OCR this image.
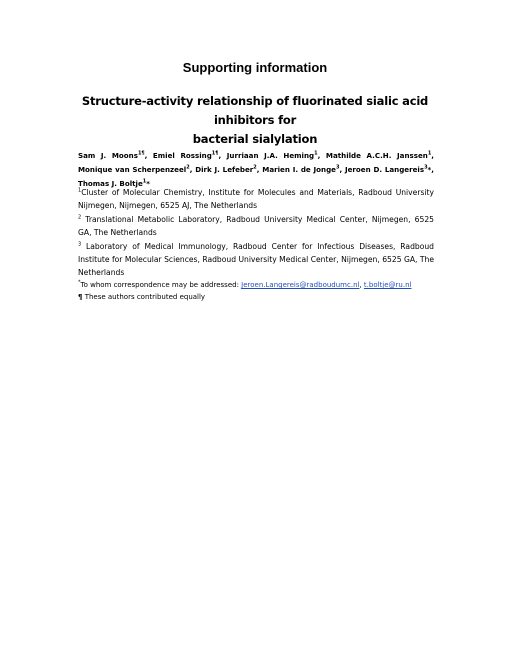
Supporting information
Structure-activity relationship of fluorinated sialic acid inhibitors for
bacterial sialylation
Sam J. Moons$^{1\P}$, Emiel Rossing$^{1\P}$, Jurriaan J.A. Heming$^1$, Mathilde A.C.H. Janssen$^1$, Monique van Scherpenzeel$^2$, Dirk J. Lefeber$^2$, Marien I. de Jonge$^3$, Jeroen D. Langereis$^3$*, Thomas J. Boltje$^1$*
$^1$Cluster of Molecular Chemistry, Institute for Molecules and Materials, Radboud University Nijmegen, Nijmegen, 6525 AJ, The Netherlands
$^2$ Translational Metabolic Laboratory, Radboud University Medical Center, Nijmegen, 6525 GA, The Netherlands
$^3$ Laboratory of Medical Immunology, Radboud Center for Infectious Diseases, Radboud Institute for Molecular Sciences, Radboud University Medical Center, Nijmegen, 6525 GA, The Netherlands
*To whom correspondence may be addressed: Jeroen.Langereis@radboudumc.nl, t.boltje@ru.nl
¶ These authors contributed equally
